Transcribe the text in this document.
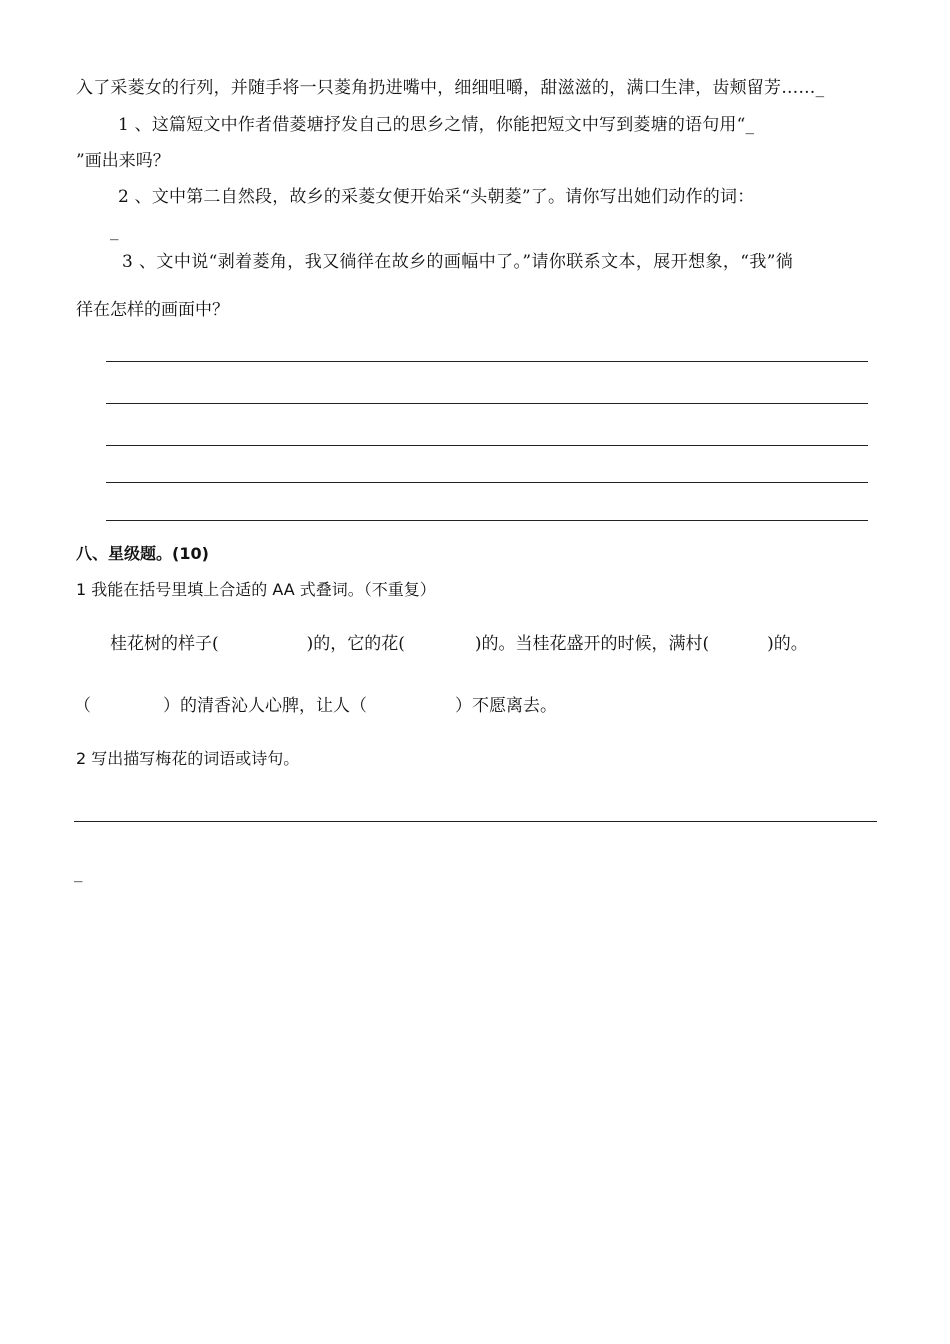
入了采菱女的行列，并随手将一只菱角扔进嘴中，细细咀嚼，甜滋滋的，满口生津，齿颊留芳……_
1 、这篇短文中作者借菱塘抒发自己的思乡之情，你能把短文中写到菱塘的语句用“_
”画出来吗？
2 、文中第二自然段，故乡的采菱女便开始采“头朝菱”了。请你写出她们动作的词：
_
3 、文中说“剥着菱角，我又徜徉在故乡的画幅中了。”请你联系文本，展开想象，“我”徜
徉在怎样的画面中？
八、星级题。(10)
1 我能在括号里填上合适的 AA 式叠词。（不重复）
桂花树的样子(	)的，它的花(	)的。当桂花盛开的时候，满村(	)的。
（	）的清香沁人心脾，让人（	）不愿离去。
2 写出描写梅花的词语或诗句。
_
